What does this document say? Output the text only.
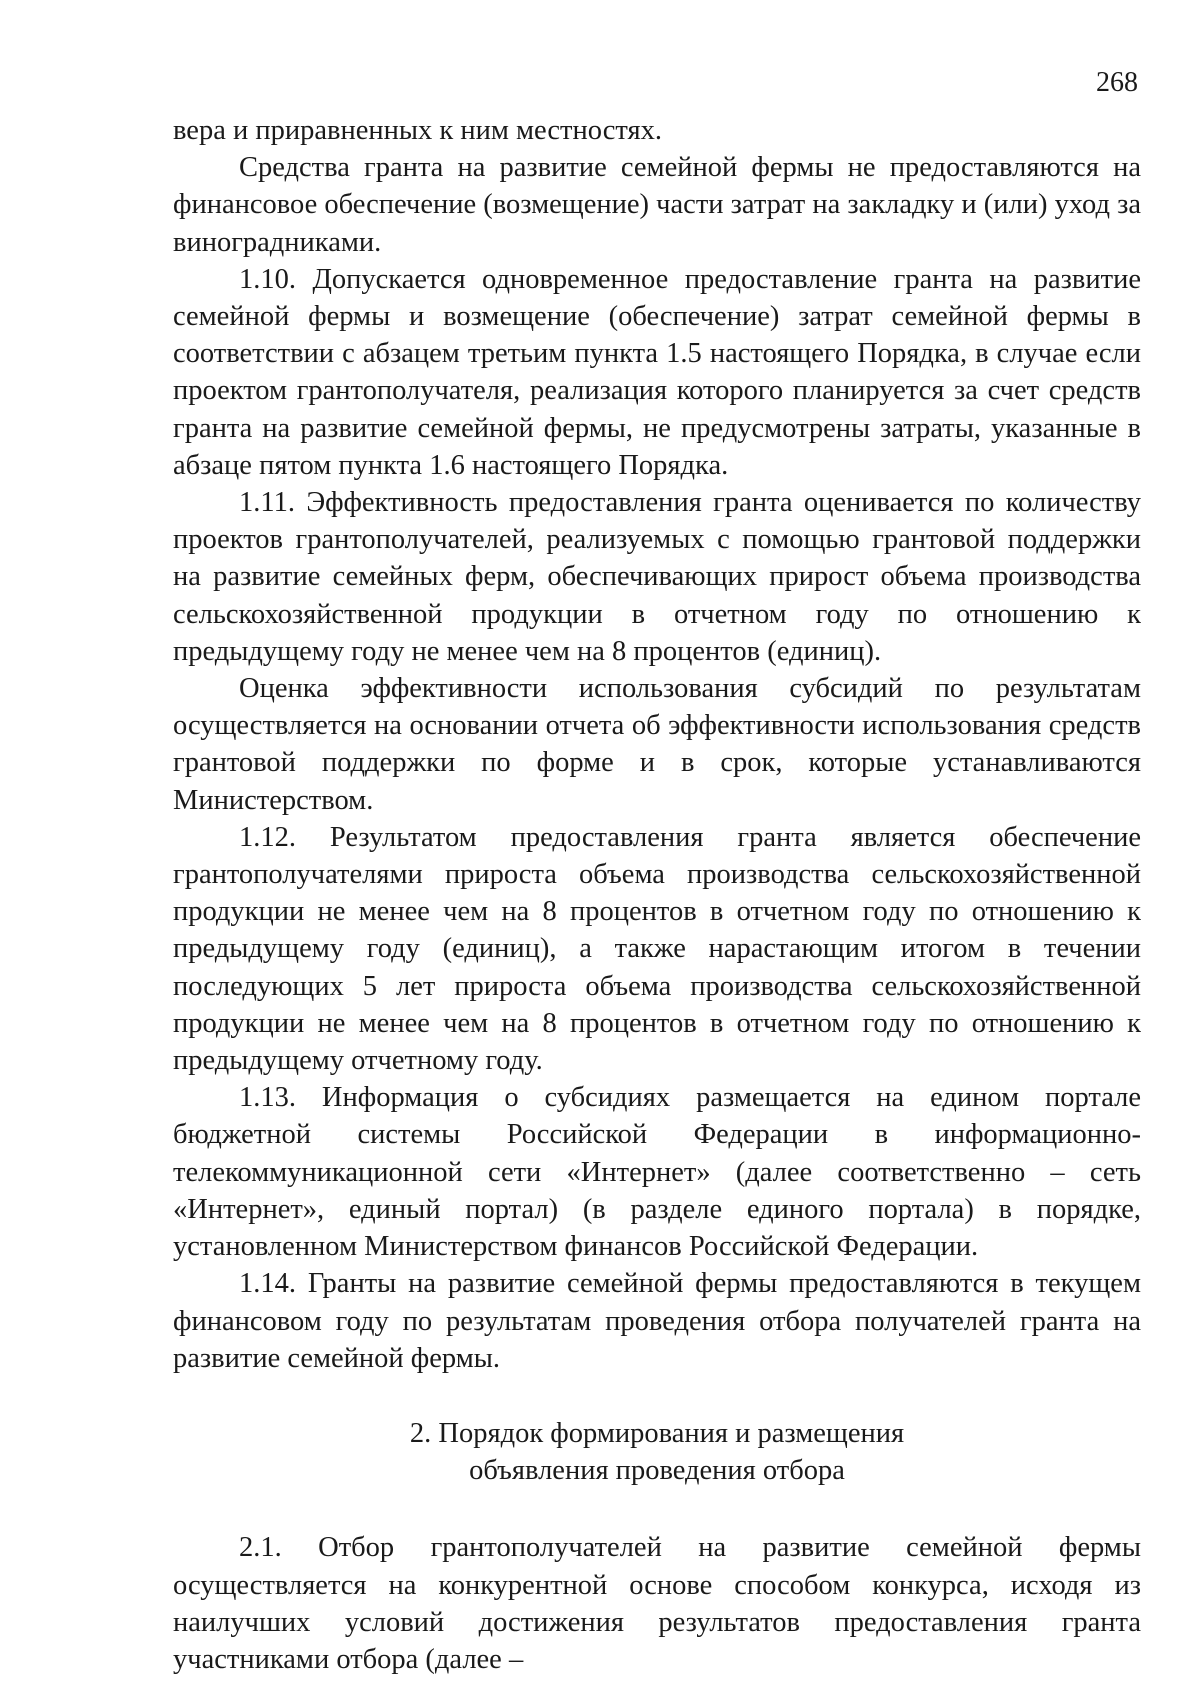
268

вера и приравненных к ним местностях.

Средства гранта на развитие семейной фермы не предоставляются на финансовое обеспечение (возмещение) части затрат на закладку и (или) уход за виноградниками.

1.10. Допускается одновременное предоставление гранта на развитие семейной фермы и возмещение (обеспечение) затрат семейной фермы в соответствии с абзацем третьим пункта 1.5 настоящего Порядка, в случае если проектом грантополучателя, реализация которого планируется за счет средств гранта на развитие семейной фермы, не предусмотрены затраты, указанные в абзаце пятом пункта 1.6 настоящего Порядка.

1.11. Эффективность предоставления гранта оценивается по количеству проектов грантополучателей, реализуемых с помощью грантовой поддержки на развитие семейных ферм, обеспечивающих прирост объема производства сельскохозяйственной продукции в отчетном году по отношению к предыдущему году не менее чем на 8 процентов (единиц).

Оценка эффективности использования субсидий по результатам осуществляется на основании отчета об эффективности использования средств грантовой поддержки по форме и в срок, которые устанавливаются Министерством.

1.12. Результатом предоставления гранта является обеспечение грантополучателями прироста объема производства сельскохозяйственной продукции не менее чем на 8 процентов в отчетном году по отношению к предыдущему году (единиц), а также нарастающим итогом в течении последующих 5 лет прироста объема производства сельскохозяйственной продукции не менее чем на 8 процентов в отчетном году по отношению к предыдущему отчетному году.

1.13. Информация о субсидиях размещается на едином портале бюджетной системы Российской Федерации в информационно-телекоммуникационной сети «Интернет» (далее соответственно – сеть «Интернет», единый портал) (в разделе единого портала) в порядке, установленном Министерством финансов Российской Федерации.

1.14. Гранты на развитие семейной фермы предоставляются в текущем финансовом году по результатам проведения отбора получателей гранта на развитие семейной фермы.

2. Порядок формирования и размещения
объявления проведения отбора

2.1. Отбор грантополучателей на развитие семейной фермы осуществляется на конкурентной основе способом конкурса, исходя из наилучших условий достижения результатов предоставления гранта участниками отбора (далее –
